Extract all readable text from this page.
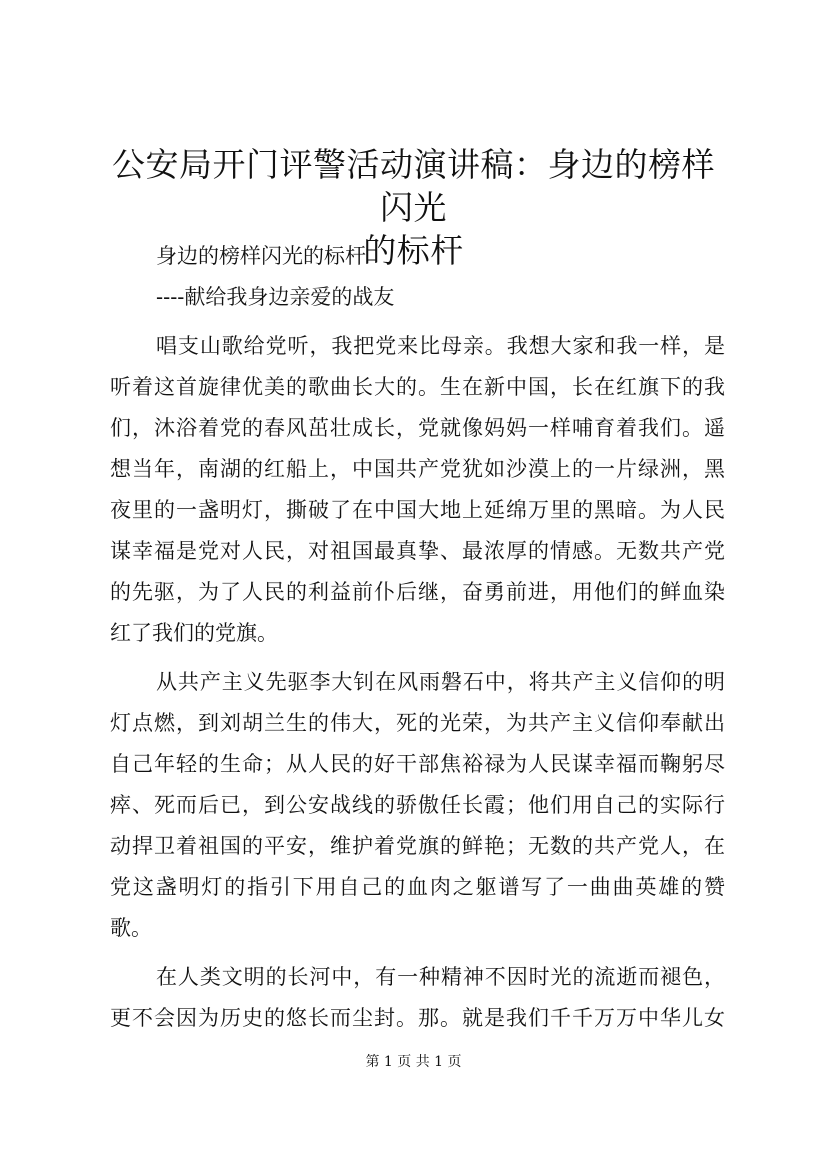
公安局开门评警活动演讲稿：身边的榜样闪光
的标杆

身边的榜样闪光的标杆

----献给我身边亲爱的战友

唱支山歌给党听，我把党来比母亲。我想大家和我一样，是
听着这首旋律优美的歌曲长大的。生在新中国，长在红旗下的我
们，沐浴着党的春风茁壮成长，党就像妈妈一样哺育着我们。遥
想当年，南湖的红船上，中国共产党犹如沙漠上的一片绿洲，黑
夜里的一盏明灯，撕破了在中国大地上延绵万里的黑暗。为人民
谋幸福是党对人民，对祖国最真挚、最浓厚的情感。无数共产党
的先驱，为了人民的利益前仆后继，奋勇前进，用他们的鲜血染
红了我们的党旗。

从共产主义先驱李大钊在风雨磐石中，将共产主义信仰的明
灯点燃，到刘胡兰生的伟大，死的光荣，为共产主义信仰奉献出
自己年轻的生命；从人民的好干部焦裕禄为人民谋幸福而鞠躬尽
瘁、死而后已，到公安战线的骄傲任长霞；他们用自己的实际行
动捍卫着祖国的平安，维护着党旗的鲜艳；无数的共产党人，在
党这盏明灯的指引下用自己的血肉之躯谱写了一曲曲英雄的赞
歌。

在人类文明的长河中，有一种精神不因时光的流逝而褪色，
更不会因为历史的悠长而尘封。那。就是我们千千万万中华儿女

第 1 页 共 1 页
